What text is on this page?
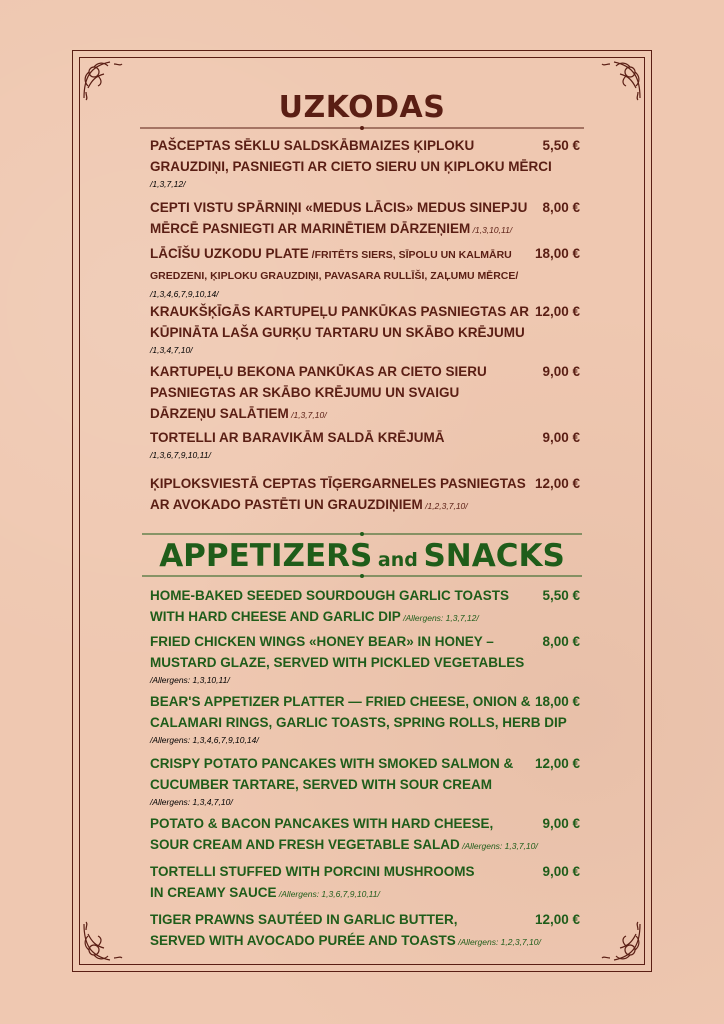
UZKODAS
PAŠCEPTAS SĒKLU SALDSKĀBMAIZES ĶIPLOKU
GRAUZDIŅI, PASNIEGTI AR CIETO SIERU UN ĶIPLOKU MĒRCI
/1,3,7,12/
5,50 €
CEPTI VISTU SPĀRNIŅI «MEDUS LĀCIS» MEDUS SINEPJU
MĒRCĒ PASNIEGTI AR MARINĒTIEM DĀRZEŅIEM /1,3,10,11/
8,00 €
LĀCĪŠU UZKODU PLATE /FRITĒTS SIERS, SĪPOLU UN KALMĀRU
GREDZENI, ĶIPLOKU GRAUZDIŅI, PAVASARA RULLĪŠI, ZAĻUMU MĒRCE/
/1,3,4,6,7,9,10,14/
18,00 €
KRAUKŠĶĪGĀS KARTUPEĻU PANKŪKAS PASNIEGTAS AR
KŪPINĀTA LAŠA GURĶU TARTARU UN SKĀBO KRĒJUMU
/1,3,4,7,10/
12,00 €
KARTUPEĻU BEKONA PANKŪKAS AR CIETO SIERU
PASNIEGTAS AR SKĀBO KRĒJUMU UN SVAIGU
DĀRZEŅU SALĀTIEM /1,3,7,10/
9,00 €
TORTELLI AR BARAVIKĀM SALDĀ KRĒJUMĀ
/1,3,6,7,9,10,11/
9,00 €
ĶIPLOKSVIESTĀ CEPTAS TĪĢERGARNELES PASNIEGTAS
AR AVOKADO PASTĒTI UN GRAUZDIŅIEM /1,2,3,7,10/
12,00 €
APPETIZERS and SNACKS
HOME-BAKED SEEDED SOURDOUGH GARLIC TOASTS
WITH HARD CHEESE AND GARLIC DIP /Allergens: 1,3,7,12/
5,50 €
FRIED CHICKEN WINGS «HONEY BEAR» IN HONEY –
MUSTARD GLAZE, SERVED WITH PICKLED VEGETABLES
/Allergens: 1,3,10,11/
8,00 €
BEAR'S APPETIZER PLATTER — FRIED CHEESE, ONION &
CALAMARI RINGS, GARLIC TOASTS, SPRING ROLLS, HERB DIP
/Allergens: 1,3,4,6,7,9,10,14/
18,00 €
CRISPY POTATO PANCAKES WITH SMOKED SALMON &
CUCUMBER TARTARE, SERVED WITH SOUR CREAM
/Allergens: 1,3,4,7,10/
12,00 €
POTATO & BACON PANCAKES WITH HARD CHEESE,
SOUR CREAM AND FRESH VEGETABLE SALAD /Allergens: 1,3,7,10/
9,00 €
TORTELLI STUFFED WITH PORCINI MUSHROOMS
IN CREAMY SAUCE /Allergens: 1,3,6,7,9,10,11/
9,00 €
TIGER PRAWNS SAUTÉED IN GARLIC BUTTER,
SERVED WITH AVOCADO PURÉE AND TOASTS /Allergens: 1,2,3,7,10/
12,00 €
